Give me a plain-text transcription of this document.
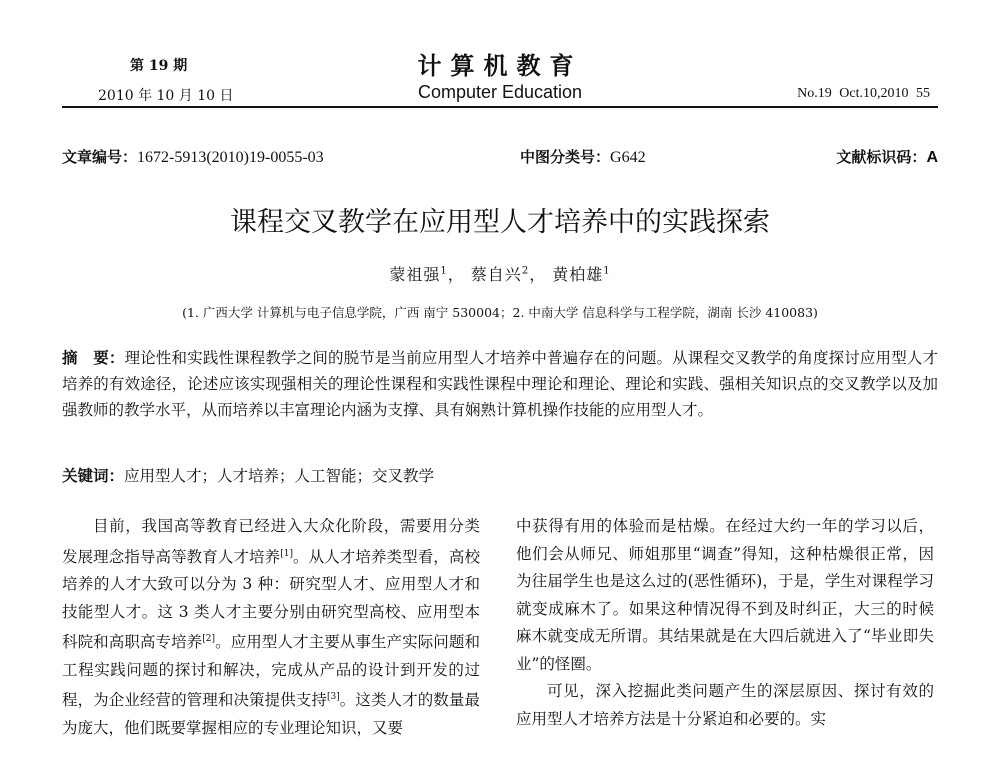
第 19 期
2010 年 10 月 10 日
计算机教育
Computer Education	No.19 Oct.10,2010 55
文章编号：1672-5913(2010)19-0055-03	中图分类号：G642	文献标识码：A
课程交叉教学在应用型人才培养中的实践探索
蒙祖强$^1$， 蔡自兴$^2$， 黄柏雄$^1$
(1. 广西大学 计算机与电子信息学院，广西 南宁 530004；2. 中南大学 信息科学与工程学院，湖南 长沙 410083)

摘　要：理论性和实践性课程教学之间的脱节是当前应用型人才培养中普遍存在的问题。从课程交叉教学的角度探讨应用型人才培养的有效途径，论述应该实现强相关的理论性课程和实践性课程中理论和理论、理论和实践、强相关知识点的交叉教学以及加强教师的教学水平，从而培养以丰富理论内涵为支撑、具有娴熟计算机操作技能的应用型人才。

关键词：应用型人才；人才培养；人工智能；交叉教学

目前，我国高等教育已经进入大众化阶段，需要用分类发展理念指导高等教育人才培养[1]。从人才培养类型看，高校培养的人才大致可以分为 3 种：研究型人才、应用型人才和技能型人才。这 3 类人才主要分别由研究型高校、应用型本科院和高职高专培养[2]。应用型人才主要从事生产实际问题和工程实践问题的探讨和解决，完成从产品的设计到开发的过程，为企业经营的管理和决策提供支持[3]。这类人才的数量最为庞大，他们既要掌握相应的专业理论知识，又要

中获得有用的体验而是枯燥。在经过大约一年的学习以后，他们会从师兄、师姐那里“调查”得知，这种枯燥很正常，因为往届学生也是这么过的(恶性循环)，于是，学生对课程学习就变成麻木了。如果这种情况得不到及时纠正，大三的时候麻木就变成无所谓。其结果就是在大四后就进入了“毕业即失业”的怪圈。

可见，深入挖掘此类问题产生的深层原因、探讨有效的应用型人才培养方法是十分紧迫和必要的。实
